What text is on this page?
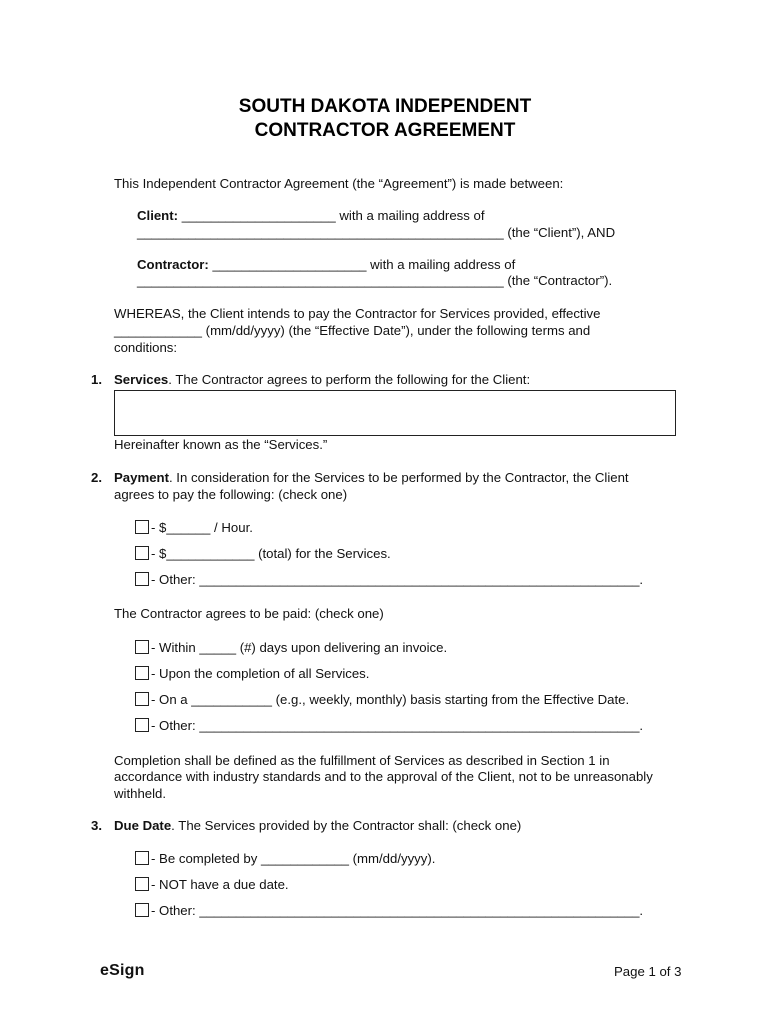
SOUTH DAKOTA INDEPENDENT
CONTRACTOR AGREEMENT
This Independent Contractor Agreement (the “Agreement”) is made between:
Client: _____________________ with a mailing address of
__________________________________________________ (the “Client”), AND
Contractor: _____________________ with a mailing address of
__________________________________________________ (the “Contractor”).
WHEREAS, the Client intends to pay the Contractor for Services provided, effective
____________ (mm/dd/yyyy) (the “Effective Date”), under the following terms and
conditions:
1. Services. The Contractor agrees to perform the following for the Client:
Hereinafter known as the “Services.”
2. Payment. In consideration for the Services to be performed by the Contractor, the Client
agrees to pay the following: (check one)
- $______ / Hour.
- $____________ (total) for the Services.
- Other: ____________________________________________________________.
The Contractor agrees to be paid: (check one)
- Within _____ (#) days upon delivering an invoice.
- Upon the completion of all Services.
- On a ___________ (e.g., weekly, monthly) basis starting from the Effective Date.
- Other: ____________________________________________________________.
Completion shall be defined as the fulfillment of Services as described in Section 1 in
accordance with industry standards and to the approval of the Client, not to be unreasonably
withheld.
3. Due Date. The Services provided by the Contractor shall: (check one)
- Be completed by ____________ (mm/dd/yyyy).
- NOT have a due date.
- Other: ____________________________________________________________.
eSign	Page 1 of 3
